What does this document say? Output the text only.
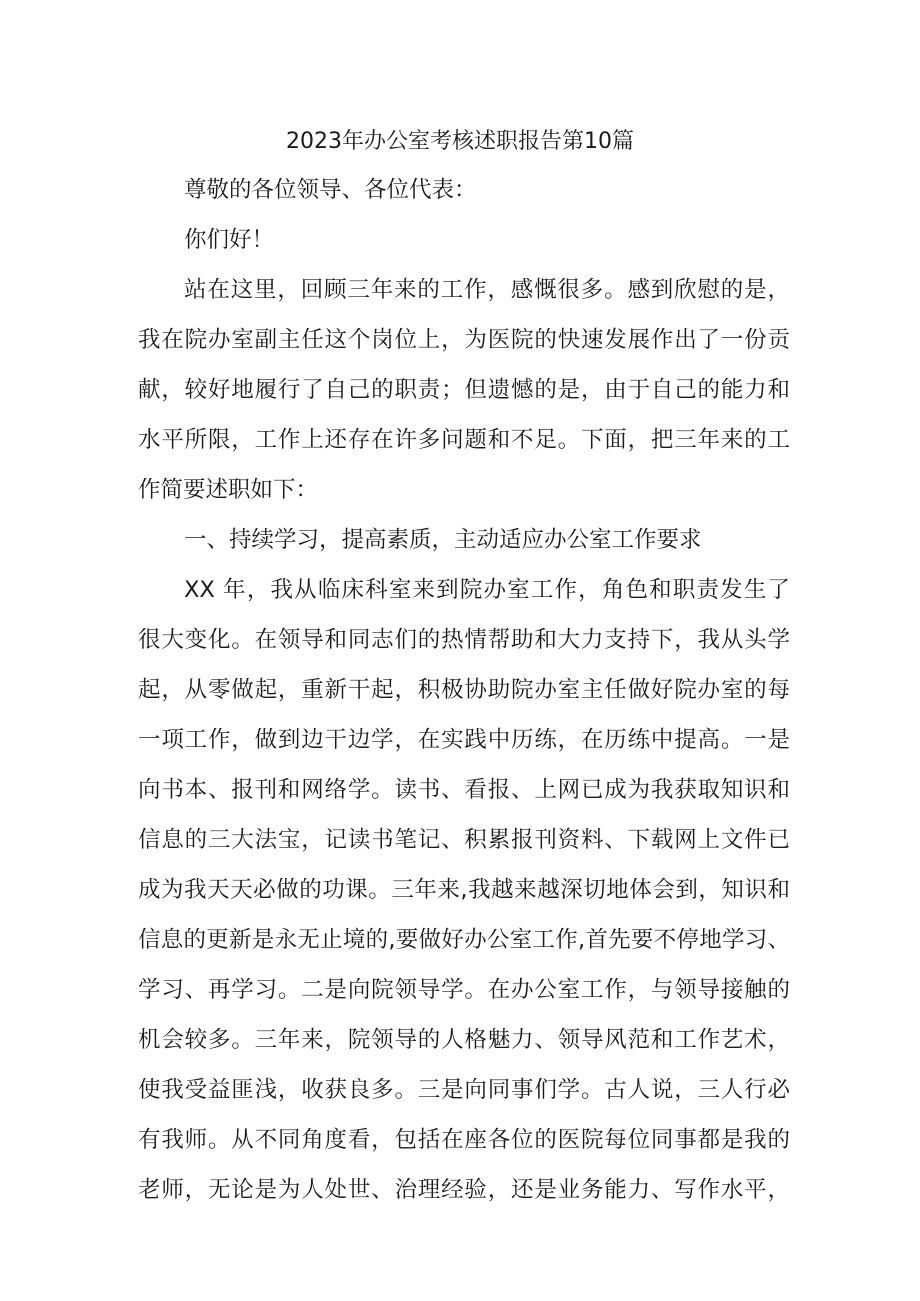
2023年办公室考核述职报告第10篇
尊敬的各位领导、各位代表：
你们好！
站在这里，回顾三年来的工作，感慨很多。感到欣慰的是，
我在院办室副主任这个岗位上，为医院的快速发展作出了一份贡
献，较好地履行了自己的职责；但遗憾的是，由于自己的能力和
水平所限，工作上还存在许多问题和不足。下面，把三年来的工
作简要述职如下：
一、持续学习，提高素质，主动适应办公室工作要求
XX 年，我从临床科室来到院办室工作，角色和职责发生了
很大变化。在领导和同志们的热情帮助和大力支持下，我从头学
起，从零做起，重新干起，积极协助院办室主任做好院办室的每
一项工作，做到边干边学，在实践中历练，在历练中提高。一是
向书本、报刊和网络学。读书、看报、上网已成为我获取知识和
信息的三大法宝，记读书笔记、积累报刊资料、下载网上文件已
成为我天天必做的功课。三年来,我越来越深切地体会到，知识和
信息的更新是永无止境的,要做好办公室工作,首先要不停地学习、
学习、再学习。二是向院领导学。在办公室工作，与领导接触的
机会较多。三年来，院领导的人格魅力、领导风范和工作艺术，
使我受益匪浅，收获良多。三是向同事们学。古人说，三人行必
有我师。从不同角度看，包括在座各位的医院每位同事都是我的
老师，无论是为人处世、治理经验，还是业务能力、写作水平，
